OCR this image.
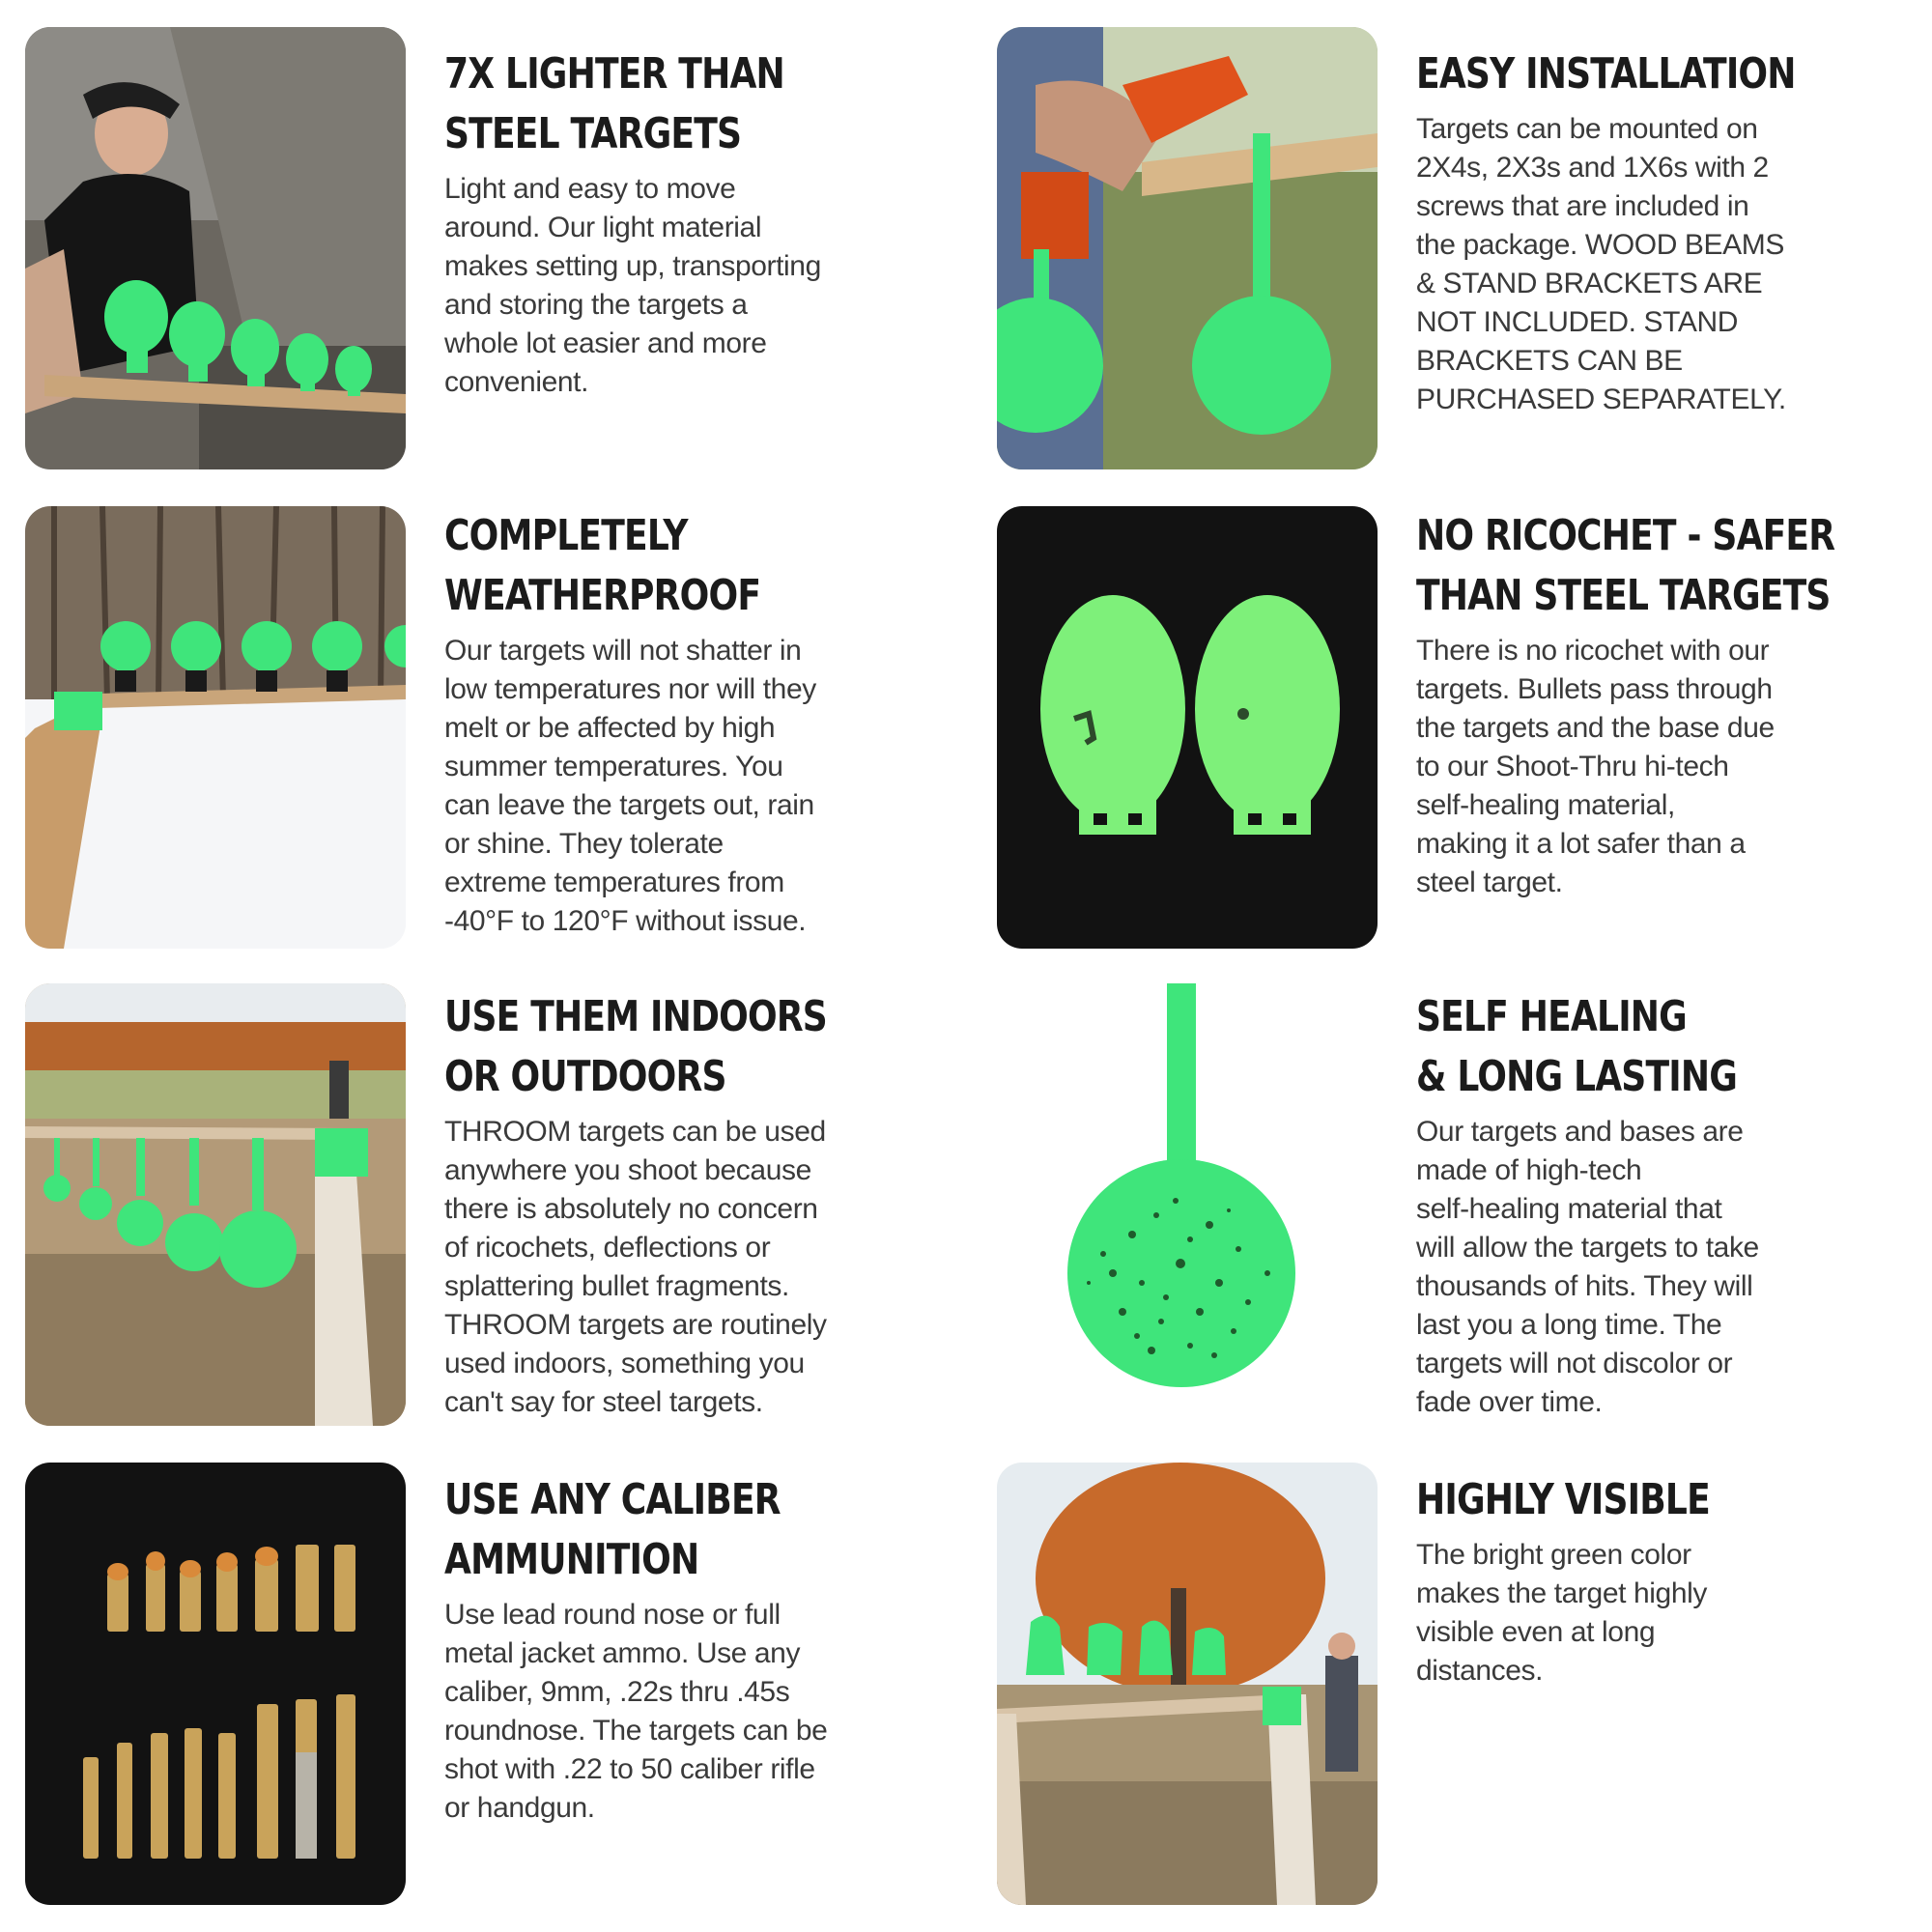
7X LIGHTER THAN
STEEL TARGETS

Light and easy to move
around. Our light material
makes setting up, transporting
and storing the targets a
whole lot easier and more
convenient.

EASY INSTALLATION

Targets can be mounted on
2X4s, 2X3s and 1X6s with 2
screws that are included in
the package. WOOD BEAMS
& STAND BRACKETS ARE
NOT INCLUDED. STAND
BRACKETS CAN BE
PURCHASED SEPARATELY.

COMPLETELY
WEATHERPROOF

Our targets will not shatter in
low temperatures nor will they
melt or be affected by high
summer temperatures. You
can leave the targets out, rain
or shine. They tolerate
extreme temperatures from
-40°F to 120°F without issue.

NO RICOCHET - SAFER
THAN STEEL TARGETS

There is no ricochet with our
targets. Bullets pass through
the targets and the base due
to our Shoot-Thru hi-tech
self-healing material,
making it a lot safer than a
steel target.

USE THEM INDOORS
OR OUTDOORS

THROOM targets can be used
anywhere you shoot because
there is absolutely no concern
of ricochets, deflections or
splattering bullet fragments.
THROOM targets are routinely
used indoors, something you
can't say for steel targets.

SELF HEALING
& LONG LASTING

Our targets and bases are
made of high-tech
self-healing material that
will allow the targets to take
thousands of hits. They will
last you a long time. The
targets will not discolor or
fade over time.

USE ANY CALIBER
AMMUNITION

Use lead round nose or full
metal jacket ammo. Use any
caliber, 9mm, .22s thru .45s
roundnose. The targets can be
shot with .22 to 50 caliber rifle
or handgun.

HIGHLY VISIBLE

The bright green color
makes the target highly
visible even at long
distances.
